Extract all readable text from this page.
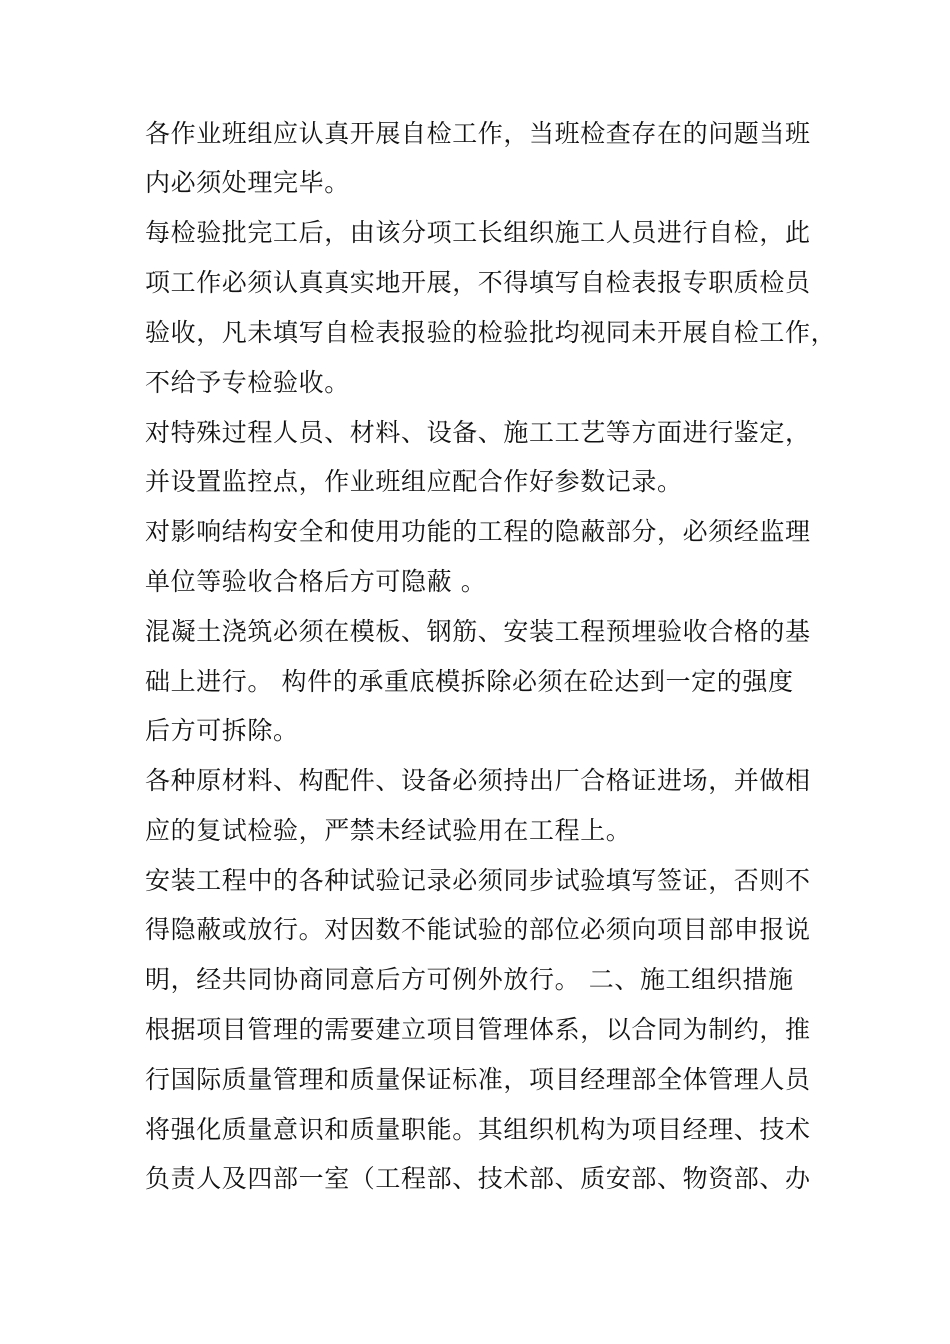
各作业班组应认真开展自检工作，当班检查存在的问题当班
内必须处理完毕。
每检验批完工后，由该分项工长组织施工人员进行自检，此
项工作必须认真真实地开展，不得填写自检表报专职质检员
验收，凡未填写自检表报验的检验批均视同未开展自检工作，
不给予专检验收。
对特殊过程人员、材料、设备、施工工艺等方面进行鉴定，
并设置监控点，作业班组应配合作好参数记录。
对影响结构安全和使用功能的工程的隐蔽部分，必须经监理
单位等验收合格后方可隐蔽 。
混凝土浇筑必须在模板、钢筋、安装工程预埋验收合格的基
础上进行。 构件的承重底模拆除必须在砼达到一定的强度
后方可拆除。
各种原材料、构配件、设备必须持出厂合格证进场，并做相
应的复试检验，严禁未经试验用在工程上。
安装工程中的各种试验记录必须同步试验填写签证，否则不
得隐蔽或放行。对因数不能试验的部位必须向项目部申报说
明，经共同协商同意后方可例外放行。 二、施工组织措施
根据项目管理的需要建立项目管理体系，以合同为制约，推
行国际质量管理和质量保证标准，项目经理部全体管理人员
将强化质量意识和质量职能。其组织机构为项目经理、技术
负责人及四部一室（工程部、技术部、质安部、物资部、办
